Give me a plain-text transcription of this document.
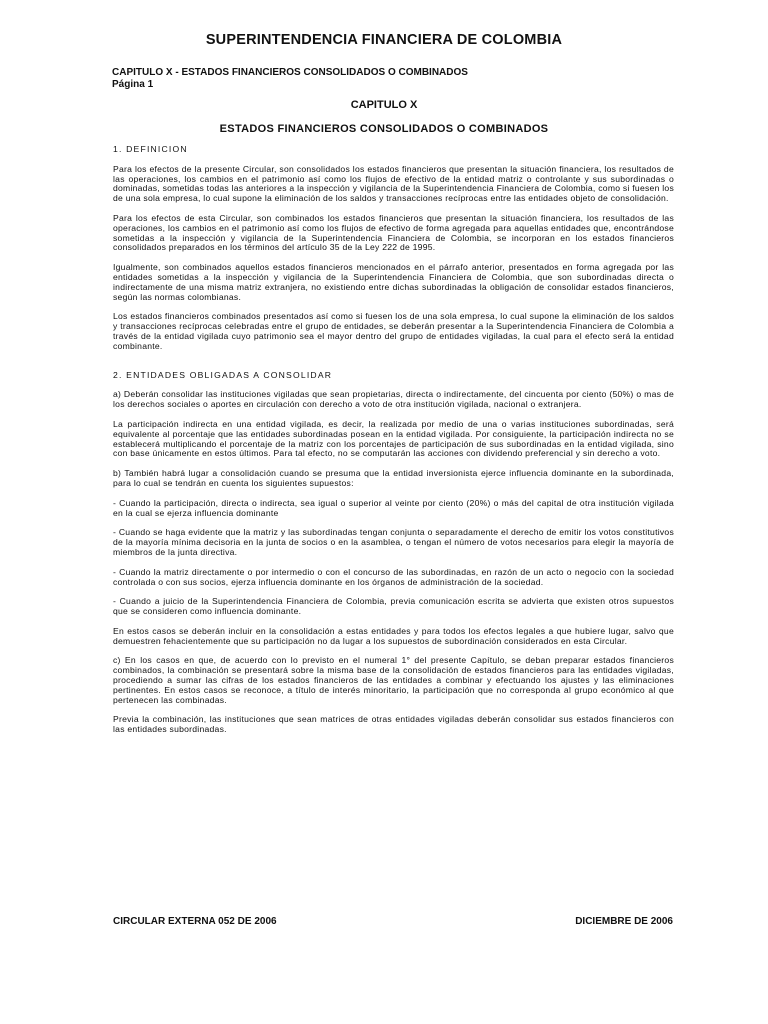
SUPERINTENDENCIA FINANCIERA DE COLOMBIA
CAPITULO X - ESTADOS FINANCIEROS CONSOLIDADOS O COMBINADOS
Página 1
CAPITULO X
ESTADOS FINANCIEROS CONSOLIDADOS O COMBINADOS
1. DEFINICION

Para los efectos de la presente Circular, son consolidados los estados financieros que presentan la situación financiera, los resultados de las operaciones, los cambios en el patrimonio así como los flujos de efectivo de la entidad matriz o controlante y sus subordinadas o dominadas, sometidas todas las anteriores a la inspección y vigilancia de la Superintendencia Financiera de Colombia, como si fuesen los de una sola empresa, lo cual supone la eliminación de los saldos y transacciones recíprocas entre las entidades objeto de consolidación.

Para los efectos de esta Circular, son combinados los estados financieros que presentan la situación financiera, los resultados de las operaciones, los cambios en el patrimonio así como los flujos de efectivo de forma agregada para aquellas entidades que, encontrándose sometidas a la inspección y vigilancia de la Superintendencia Financiera de Colombia, se incorporan en los estados financieros consolidados preparados en los términos del artículo 35 de la Ley 222 de 1995.

Igualmente, son combinados aquellos estados financieros mencionados en el párrafo anterior, presentados en forma agregada por las entidades sometidas a la inspección y vigilancia de la Superintendencia Financiera de Colombia, que son subordinadas directa o indirectamente de una misma matriz extranjera, no existiendo entre dichas subordinadas la obligación de consolidar estados financieros, según las normas colombianas.

Los estados financieros combinados presentados así como si fuesen los de una sola empresa, lo cual supone la eliminación de los saldos y transacciones recíprocas celebradas entre el grupo de entidades, se deberán presentar a la Superintendencia Financiera de Colombia a través de la entidad vigilada cuyo patrimonio sea el mayor dentro del grupo de entidades vigiladas, la cual para el efecto será la entidad combinante.

2. ENTIDADES OBLIGADAS A CONSOLIDAR

a) Deberán consolidar las instituciones vigiladas que sean propietarias, directa o indirectamente, del cincuenta por ciento (50%) o mas de los derechos sociales o aportes en circulación con derecho a voto de otra institución vigilada, nacional o extranjera.

La participación indirecta en una entidad vigilada, es decir, la realizada por medio de una o varias instituciones subordinadas, será equivalente al porcentaje que las entidades subordinadas posean en la entidad vigilada. Por consiguiente, la participación indirecta no se establecerá multiplicando el porcentaje de la matriz con los porcentajes de participación de sus subordinadas en la entidad vigilada, sino con base únicamente en estos últimos. Para tal efecto, no se computarán las acciones con dividendo preferencial y sin derecho a voto.

b) También habrá lugar a consolidación cuando se presuma que la entidad inversionista ejerce influencia dominante en la subordinada, para lo cual se tendrán en cuenta los siguientes supuestos:

- Cuando la participación, directa o indirecta, sea igual o superior al veinte por ciento (20%) o más del capital de otra institución vigilada en la cual se ejerza influencia dominante

- Cuando se haga evidente que la matriz y las subordinadas tengan conjunta o separadamente el derecho de emitir los votos constitutivos de la mayoría mínima decisoria en la junta de socios o en la asamblea, o tengan el número de votos necesarios para elegir la mayoría de miembros de la junta directiva.

- Cuando la matriz directamente o por intermedio o con el concurso de las subordinadas, en razón de un acto o negocio con la sociedad controlada o con sus socios, ejerza influencia dominante en los órganos de administración de la sociedad.

- Cuando a juicio de la Superintendencia Financiera de Colombia, previa comunicación escrita se advierta que existen otros supuestos que se consideren como influencia dominante.

En estos casos se deberán incluir en la consolidación a estas entidades y para todos los efectos legales a que hubiere lugar, salvo que demuestren fehacientemente que su participación no da lugar a los supuestos de subordinación considerados en esta Circular.

c) En los casos en que, de acuerdo con lo previsto en el numeral 1° del presente Capítulo, se deban preparar estados financieros combinados, la combinación se presentará sobre la misma base de la consolidación de estados financieros para las entidades vigiladas, procediendo a sumar las cifras de los estados financieros de las entidades a combinar y efectuando los ajustes y las eliminaciones pertinentes. En estos casos se reconoce, a título de interés minoritario, la participación que no corresponda al grupo económico al que pertenecen las combinadas.

Previa la combinación, las instituciones que sean matrices de otras entidades vigiladas deberán consolidar sus estados financieros con las entidades subordinadas.

CIRCULAR EXTERNA 052 DE 2006	DICIEMBRE DE 2006
